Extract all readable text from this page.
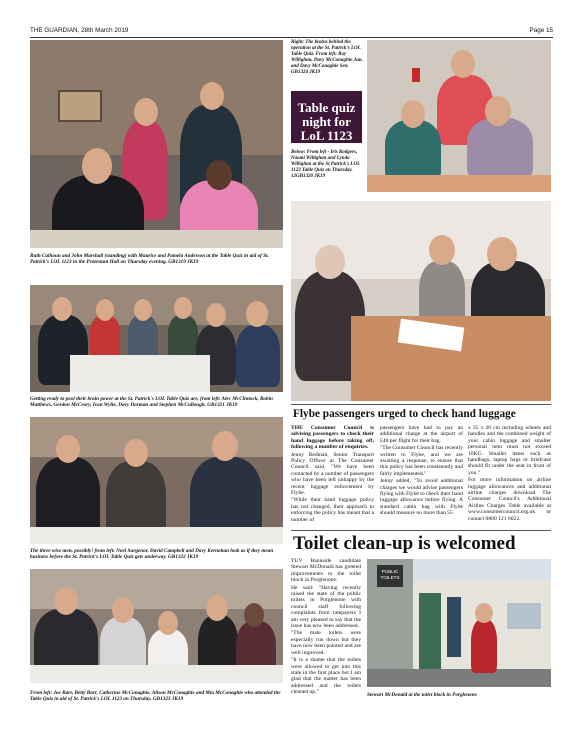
THE GUARDIAN, 28th March 2019	Page 15
Ruth Calhoun and John Marshall (standing) with Maurice and Pamela Anderson at the Table Quiz in aid of St. Patrick's LOL 1123 in the Protestant Hall on Thursday evening. GB1319 JK19
Right: The brains behind the operation at the St. Patrick's LOL Table Quiz. From left: Roy Willighan, Davy McConaghie Jun. and Davy McConaghie Sen. GB1324 JK19
Table quiz night for LoL 1123
Below: From left - Iris Rodgers, Naomi Willighan and Lynda Willighan at the St Patrick's LOL 1123 Table Quiz on Thursday. 12GB1320 JK19
Getting ready to pool their brain power at the St. Patrick's LOL Table Quiz are, from left: Alec McClintock, Robin Matthews, Gordon McCrory, Ivan Wylie, Davy Dorman and Stephen McCullough. GB1321 JK19
The three wise men, possibly! from left: Noel Surgenor, David Campbell and Davy Kernohan look as if they mean business before the St. Patrick's LOL Table Quiz gets underway. GB1322 JK19
From left: Joe Barr, Betty Barr, Catherine McConaghie, Alison McConaghie and Mia McConaghie who attended the Table Quiz in aid of St. Patrick's LOL 1123 on Thursday. GB1323 JK19
Flybe passengers urged to check hand luggage

THE Consumer Council is advising passengers to check their hand luggage before taking off, following a number of enquiries.

Jenny Redman, Senior Transport Policy Officer at The Consumer Council said, "We have been contacted by a number of passengers who have been left unhappy by the recent luggage enforcement by Flybe.

"While their hand luggage policy has not changed, their approach to enforcing the policy has meant that a number of

passengers have had to pay an additional charge at the airport of £40 per flight for their bag.

"The Consumer Council has recently written to Flybe, and we are awaiting a response, to ensure that this policy has been consistently and fairly implemented."

Jenny added, "To avoid additional charges we would advise passengers flying with Flybe to check their hand luggage allowance before flying. A standard cabin bag with Flybe should measure no more than 55

x 35 x 20 cm including wheels and handles and the combined weight of your cabin luggage and smaller personal item must not exceed 10KG. Smaller items such as handbags, laptop bags or briefcase should fit under the seat in front of you."

For more information on airline luggage allowances and additional airline charges download The Consumer Council's Additional Airline Charges Table available at www.consumercouncil.org.uk or contact 0800 121 6022.

Toilet clean-up is welcomed

TUV Bannside candidate Stewart McDonald has greeted improvements to the toilet block in Porglenone.

He said: "Having recently raised the state of the public toilets in Porglenone with council staff following complaints from ratepayers I am very pleased to say that the issue has now been addressed.

"The male toilets were especially run down but they have now been painted and are well improved.

"It is a shame that the toilets were allowed to get into this state in the first place but I am glad that the matter has been addressed and the toilets cleaned up."

PUBLIC TOILETS
Stewart McDonald at the toilet block in Porglenone
